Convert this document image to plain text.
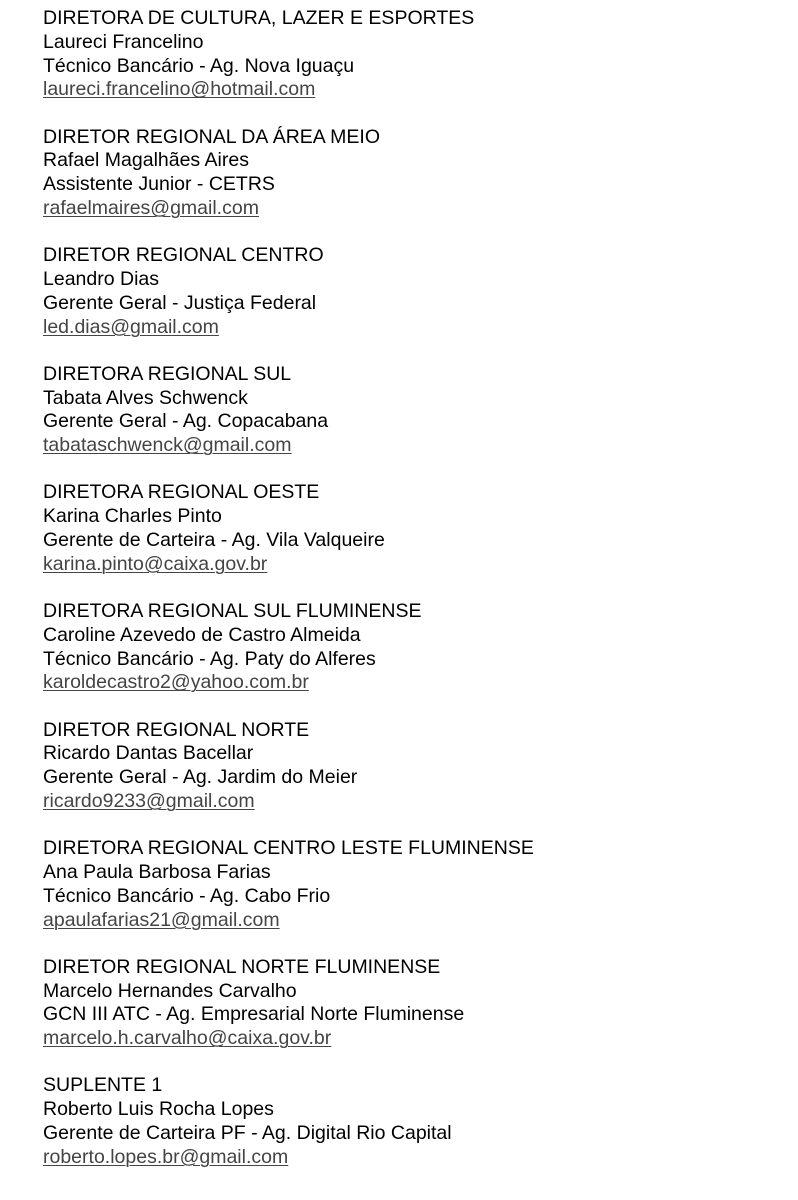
DIRETORA DE CULTURA, LAZER E ESPORTES
Laureci Francelino
Técnico Bancário - Ag. Nova Iguaçu
laureci.francelino@hotmail.com
DIRETOR REGIONAL DA ÁREA MEIO
Rafael Magalhães Aires
Assistente Junior - CETRS
rafaelmaires@gmail.com
DIRETOR REGIONAL CENTRO
Leandro Dias
Gerente Geral - Justiça Federal
led.dias@gmail.com
DIRETORA REGIONAL SUL
Tabata Alves Schwenck
Gerente Geral - Ag. Copacabana
tabataschwenck@gmail.com
DIRETORA REGIONAL OESTE
Karina Charles Pinto
Gerente de Carteira - Ag. Vila Valqueire
karina.pinto@caixa.gov.br
DIRETORA REGIONAL SUL FLUMINENSE
Caroline Azevedo de Castro Almeida
Técnico Bancário - Ag. Paty do Alferes
karoldecastro2@yahoo.com.br
DIRETOR REGIONAL NORTE
Ricardo Dantas Bacellar
Gerente Geral - Ag. Jardim do Meier
ricardo9233@gmail.com
DIRETORA REGIONAL CENTRO LESTE FLUMINENSE
Ana Paula Barbosa Farias
Técnico Bancário - Ag. Cabo Frio
apaulafarias21@gmail.com
DIRETOR REGIONAL NORTE FLUMINENSE
Marcelo Hernandes Carvalho
GCN III ATC - Ag. Empresarial Norte Fluminense
marcelo.h.carvalho@caixa.gov.br
SUPLENTE 1
Roberto Luis Rocha Lopes
Gerente de Carteira PF - Ag. Digital Rio Capital
roberto.lopes.br@gmail.com
